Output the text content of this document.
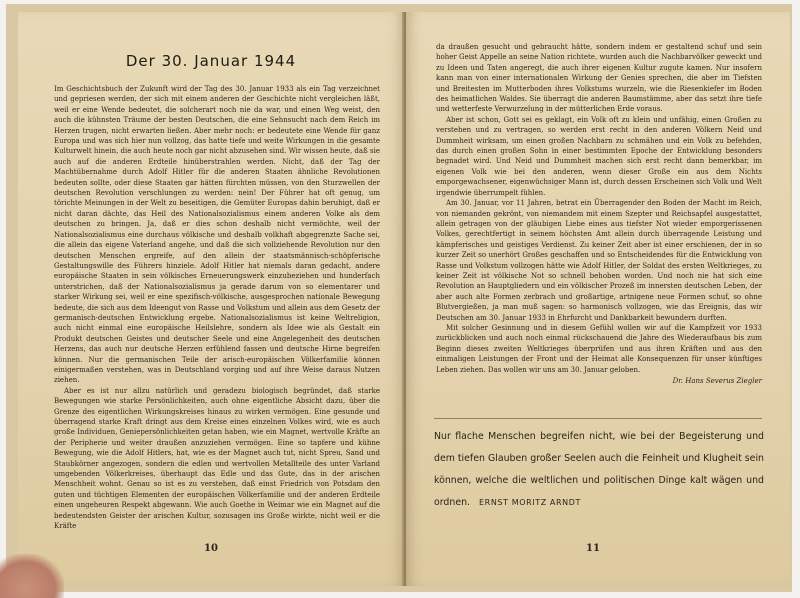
Der 30. Januar 1944

Im Geschichtsbuch der Zukunft wird der Tag des 30. Januar 1933 als ein Tag verzeichnet und gepriesen werden, der sich mit einem anderen der Geschichte nicht vergleichen läßt, weil er eine Wende bedeutet, die solcherart noch nie da war, und einen Weg weist, den auch die kühnsten Träume der besten Deutschen, die eine Sehnsucht nach dem Reich im Herzen trugen, nicht erwarten ließen. Aber mehr noch: er bedeutete eine Wende für ganz Europa und was sich hier nun vollzog, das hatte tiefe und weite Wirkungen in die gesamte Kulturwelt hinein, die auch heute noch gar nicht abzusehen sind. Wir wissen heute, daß sie auch auf die anderen Erdteile hinüberstrahlen werden. Nicht, daß der Tag der Machtübernahme durch Adolf Hitler für die anderen Staaten ähnliche Revolutionen bedeuten sollte, oder diese Staaten gar hätten fürchten müssen, von den Sturzwellen der deutschen Revolution verschlungen zu werden: nein! Der Führer hat oft genug, um törichte Meinungen in der Welt zu beseitigen, die Gemüter Europas dahin beruhigt, daß er nicht daran dächte, das Heil des Nationalsozialismus einem anderen Volke als dem deutschen zu bringen. Ja, daß er dies schon deshalb nicht vermöchte, weil der Nationalsozialismus eine durchaus völkische und deshalb volkhaft abgegrenzte Sache sei, die allein das eigene Vaterland angehe, und daß die sich vollziehende Revolution nur den deutschen Menschen ergreife, auf den allein der staatsmännisch-schöpferische Gestaltungswille des Führers hinziele. Adolf Hitler hat niemals daran gedacht, andere europäische Staaten in sein völkisches Erneuerungswerk einzubeziehen und hunderfach unterstrichen, daß der Nationalsozialismus ja gerade darum von so elementarer und starker Wirkung sei, weil er eine spezifisch-völkische, ausgesprochen nationale Bewegung bedeute, die sich aus dem Ideengut von Rasse und Volkstum und allein aus dem Gesetz der germanisch-deutschen Entwicklung ergebe. Nationalsozialismus ist keine Weltreligion, auch nicht einmal eine europäische Heilslehre, sondern als Idee wie als Gestalt ein Produkt deutschen Geistes und deutscher Seele und eine Angelegenheit des deutschen Herzens, das auch nur deutsche Herzen erfühlend fassen und deutsche Hirne begreifen können. Nur die germanischen Teile der arisch-europäischen Völkerfamilie können einigermaßen verstehen, was in Deutschland vorging und auf ihre Weise daraus Nutzen ziehen.

Aber es ist nur allzu natürlich und geradezu biologisch begründet, daß starke Bewegungen wie starke Persönlichkeiten, auch ohne eigentliche Absicht dazu, über die Grenze des eigentlichen Wirkungskreises hinaus zu wirken vermögen. Eine gesunde und überragend starke Kraft dringt aus dem Kreise eines einzelnen Volkes wird, wie es auch große Individuen, Geniepersönlichkeiten getan haben, wie ein Magnet, wertvolle Kräfte an der Peripherie und weiter draußen anzuziehen vermögen. Eine so tapfere und kühne Bewegung, wie die Adolf Hitlers, hat, wie es der Magnet auch tut, nicht Spreu, Sand und Staubkörner angezogen, sondern die edlen und wertvollen Metallteile des unter Varland umgebenden Völkerkreises, überhaupt das Edle und das Gute, das in der arischen Menschheit wohnt. Genau so ist es zu verstehen, daß einst Friedrich von Potsdam den guten und tüchtigen Elementen der europäischen Völkerfamilie und der anderen Erdteile einen ungeheuren Respekt abgewann. Wie auch Goethe in Weimar wie ein Magnet auf die bedeutendsten Geister der arischen Kultur, sozusagen ins Große wirkte, nicht weil er die Kräfte

10

da draußen gesucht und gebraucht hätte, sondern indem er gestaltend schuf und sein hoher Geist Appelle an seine Nation richtete, wurden auch die Nachbarvölker geweckt und zu Ideen und Taten angeregt, die auch ihrer eigenen Kultur zugute kamen. Nur insofern kann man von einer internationalen Wirkung der Genies sprechen, die aber im Tiefsten und Breitesten im Mutterboden ihres Volkstums wurzeln, wie die Riesenkiefer im Boden des heimatlichen Waldes. Sie überragt die anderen Baumstämme, aber das setzt ihre tiefe und wetterfeste Verwurzelung in der mütterlichen Erde voraus.

Aber ist schon, Gott sei es geklagt, ein Volk oft zu klein und unfähig, einen Großen zu verstehen und zu vertragen, so werden erst recht in den anderen Völkern Neid und Dummheit wirksam, um einen großen Nachbarn zu schmähen und ein Volk zu befehden, das durch einen großen Sohn in einer bestimmten Epoche der Entwicklung besonders begnadet wird. Und Neid und Dummheit machen sich erst recht dann bemerkbar, im eigenen Volk wie bei den anderen, wenn dieser Große ein aus dem Nichts emporgewachsener, eigenwüchsiger Mann ist, durch dessen Erscheinen sich Volk und Welt irgendwie überrumpelt fühlen.

Am 30. Januar, vor 11 Jahren, betrat ein Überragender den Boden der Macht im Reich, von niemanden gekrönt, von niemandem mit einem Szepter und Reichsapfel ausgestattet, allein getragen von der gläubigen Liebe eines aus tiefster Not wieder emporgerissenen Volkes, gerechtfertigt in seinem höchsten Amt allein durch überragende Leistung und kämpferisches und geistiges Verdienst. Zu keiner Zeit aber ist einer erschienen, der in so kurzer Zeit so unerhört Großes geschaffen und so Entscheidendes für die Entwicklung von Rasse und Volkstum vollzogen hätte wie Adolf Hitler, der Soldat des ersten Weltkrieges, zu keiner Zeit ist völkische Not so schnell behoben worden. Und noch nie hat sich eine Revolution an Hauptgliedern und ein völkischer Prozeß im innersten deutschen Leben, der aber auch alte Formen zerbrach und großartige, artnigene neue Formen schuf, so ohne Blutvergießen, ja man muß sagen: so harmonisch vollzogen, wie das Ereignis, das wir Deutschen am 30. Januar 1933 in Ehrfurcht und Dankbarkeit bewundern durften.

Mit solcher Gesinnung und in diesem Gefühl wollen wir auf die Kampfzeit vor 1933 zurückblicken und auch noch einmal rückschauend die Jahre des Wiederaufbaus bis zum Beginn dieses zweiten Weltkrieges überprüfen und aus ihren Kräften und aus den einmaligen Leistungen der Front und der Heimat alle Konsequenzen für unser künftiges Leben ziehen. Das wollen wir uns am 30. Januar geloben.

Dr. Hans Severus Ziegler
Nur flache Menschen begreifen nicht, wie bei der Begeisterung und dem tiefen Glauben großer Seelen auch die Feinheit und Klugheit sein können, welche die weltlichen und politischen Dinge kalt wägen und ordnen. ERNST MORITZ ARNDT
11
